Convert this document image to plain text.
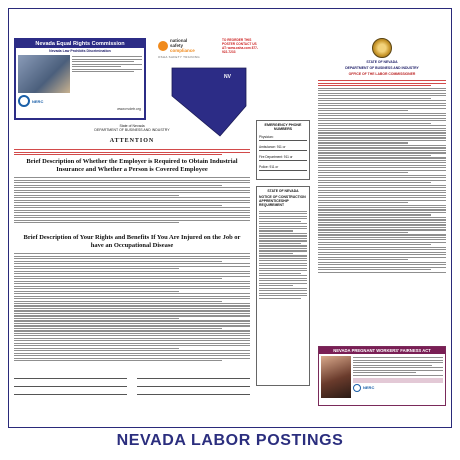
Nevada Equal Rights Commission
Nevada Law Prohibits Discrimination
NERC
www.nvdetr.org
State of Nevada
DEPARTMENT OF BUSINESS AND INDUSTRY
ATTENTION
Brief Description of Whether the Employer is Required to Obtain Industrial Insurance and Whether a Person is Covered Employee
Brief Description of Your Rights and Benefits If You Are Injured on the Job or have an Occupational Disease
national
safety
compliance
OSHA SAFETY TRAINING
TO REORDER THIS POSTER CONTACT US AT: www.osha.com 877-922-7233
NV
EMERGENCY PHONE NUMBERS
Physician:
Ambulance: 911 or
Fire Department: 911 or
Police: 911 or
STATE OF NEVADA
NOTICE OF CONSTRUCTION APPRENTICESHIP REQUIREMENT
STATE OF NEVADA
DEPARTMENT OF BUSINESS AND INDUSTRY
OFFICE OF THE LABOR COMMISSIONER
NEVADA PREGNANT WORKERS' FAIRNESS ACT
NERC
NEVADA LABOR POSTINGS
